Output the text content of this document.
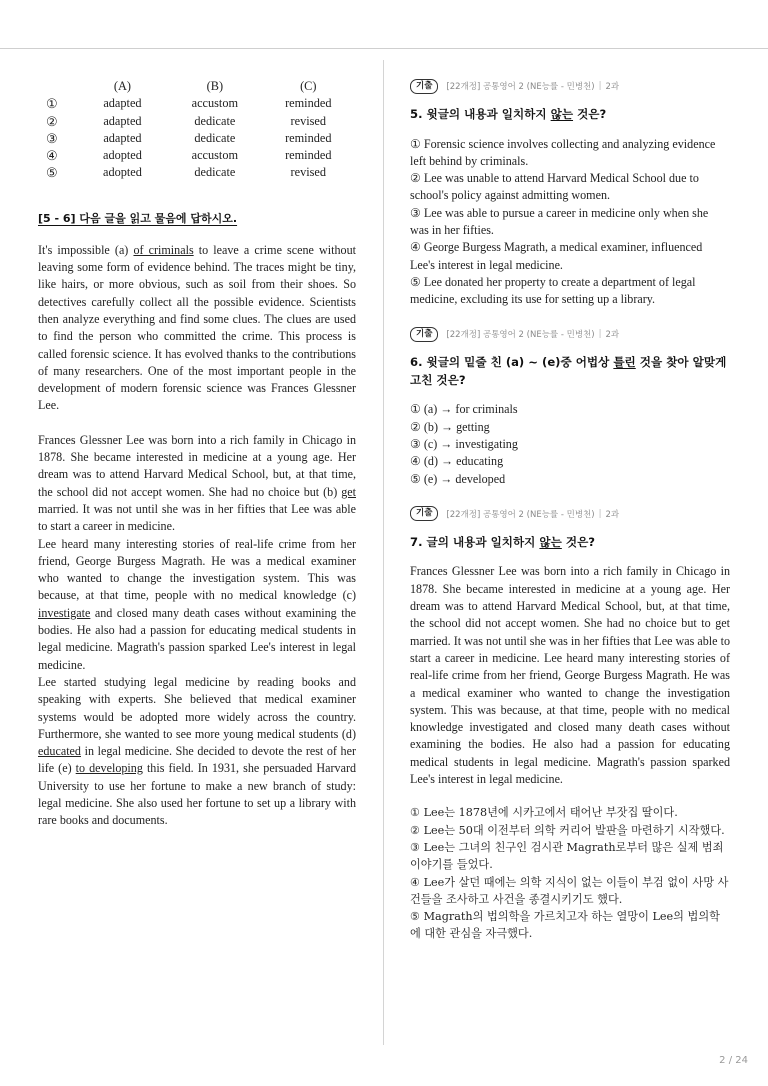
	(A)	(B)	(C)
①	adapted	accustom	reminded
②	adapted	dedicate	revised
③	adapted	dedicate	reminded
④	adopted	accustom	reminded
⑤	adopted	dedicate	revised
[5 - 6] 다음 글을 읽고 물음에 답하시오.

It's impossible (a) of criminals to leave a crime scene without leaving some form of evidence behind. The traces might be tiny, like hairs, or more obvious, such as soil from their shoes. So detectives carefully collect all the possible evidence. Scientists then analyze everything and find some clues. The clues are used to find the person who committed the crime. This process is called forensic science. It has evolved thanks to the contributions of many researchers. One of the most important people in the development of modern forensic science was Frances Glessner Lee.

Frances Glessner Lee was born into a rich family in Chicago in 1878. She became interested in medicine at a young age. Her dream was to attend Harvard Medical School, but, at that time, the school did not accept women. She had no choice but (b) get married. It was not until she was in her fifties that Lee was able to start a career in medicine.

Lee heard many interesting stories of real-life crime from her friend, George Burgess Magrath. He was a medical examiner who wanted to change the investigation system. This was because, at that time, people with no medical knowledge (c) investigate and closed many death cases without examining the bodies. He also had a passion for educating medical students in legal medicine. Magrath's passion sparked Lee's interest in legal medicine.

Lee started studying legal medicine by reading books and speaking with experts. She believed that medical examiner systems would be adopted more widely across the country. Furthermore, she wanted to see more young medical students (d) educated in legal medicine. She decided to devote the rest of her life (e) to developing this field. In 1931, she persuaded Harvard University to use her fortune to make a new branch of study: legal medicine. She also used her fortune to set up a library with rare books and documents.

기출	[22개정] 공통영어 2 (NE능률 - 민병천) | 2과

5. 윗글의 내용과 일치하지 않는 것은?

① Forensic science involves collecting and analyzing evidence left behind by criminals.

② Lee was unable to attend Harvard Medical School due to school's policy against admitting women.

③ Lee was able to pursue a career in medicine only when she was in her fifties.

④ George Burgess Magrath, a medical examiner, influenced Lee's interest in legal medicine.

⑤ Lee donated her property to create a department of legal medicine, excluding its use for setting up a library.

기출	[22개정] 공통영어 2 (NE능률 - 민병천) | 2과

6. 윗글의 밑줄 친 (a) ~ (e)중 어법상 틀린 것을 찾아 알맞게 고친 것은?

① (a) → for criminals

② (b) → getting

③ (c) → investigating

④ (d) → educating

⑤ (e) → developed

기출	[22개정] 공통영어 2 (NE능률 - 민병천) | 2과

7. 글의 내용과 일치하지 않는 것은?

Frances Glessner Lee was born into a rich family in Chicago in 1878. She became interested in medicine at a young age. Her dream was to attend Harvard Medical School, but, at that time, the school did not accept women. She had no choice but to get married. It was not until she was in her fifties that Lee was able to start a career in medicine. Lee heard many interesting stories of real-life crime from her friend, George Burgess Magrath. He was a medical examiner who wanted to change the investigation system. This was because, at that time, people with no medical knowledge investigated and closed many death cases without examining the bodies. He also had a passion for educating medical students in legal medicine. Magrath's passion sparked Lee's interest in legal medicine.

① Lee는 1878년에 시카고에서 태어난 부잣집 딸이다.

② Lee는 50대 이전부터 의학 커리어 발판을 마련하기 시작했다.

③ Lee는 그녀의 친구인 검시관 Magrath로부터 많은 실제 범죄 이야기를 들었다.

④ Lee가 살던 때에는 의학 지식이 없는 이들이 부검 없이 사망 사건들을 조사하고 사건을 종결시키기도 했다.

⑤ Magrath의 법의학을 가르치고자 하는 열망이 Lee의 법의학에 대한 관심을 자극했다.

2 / 24
